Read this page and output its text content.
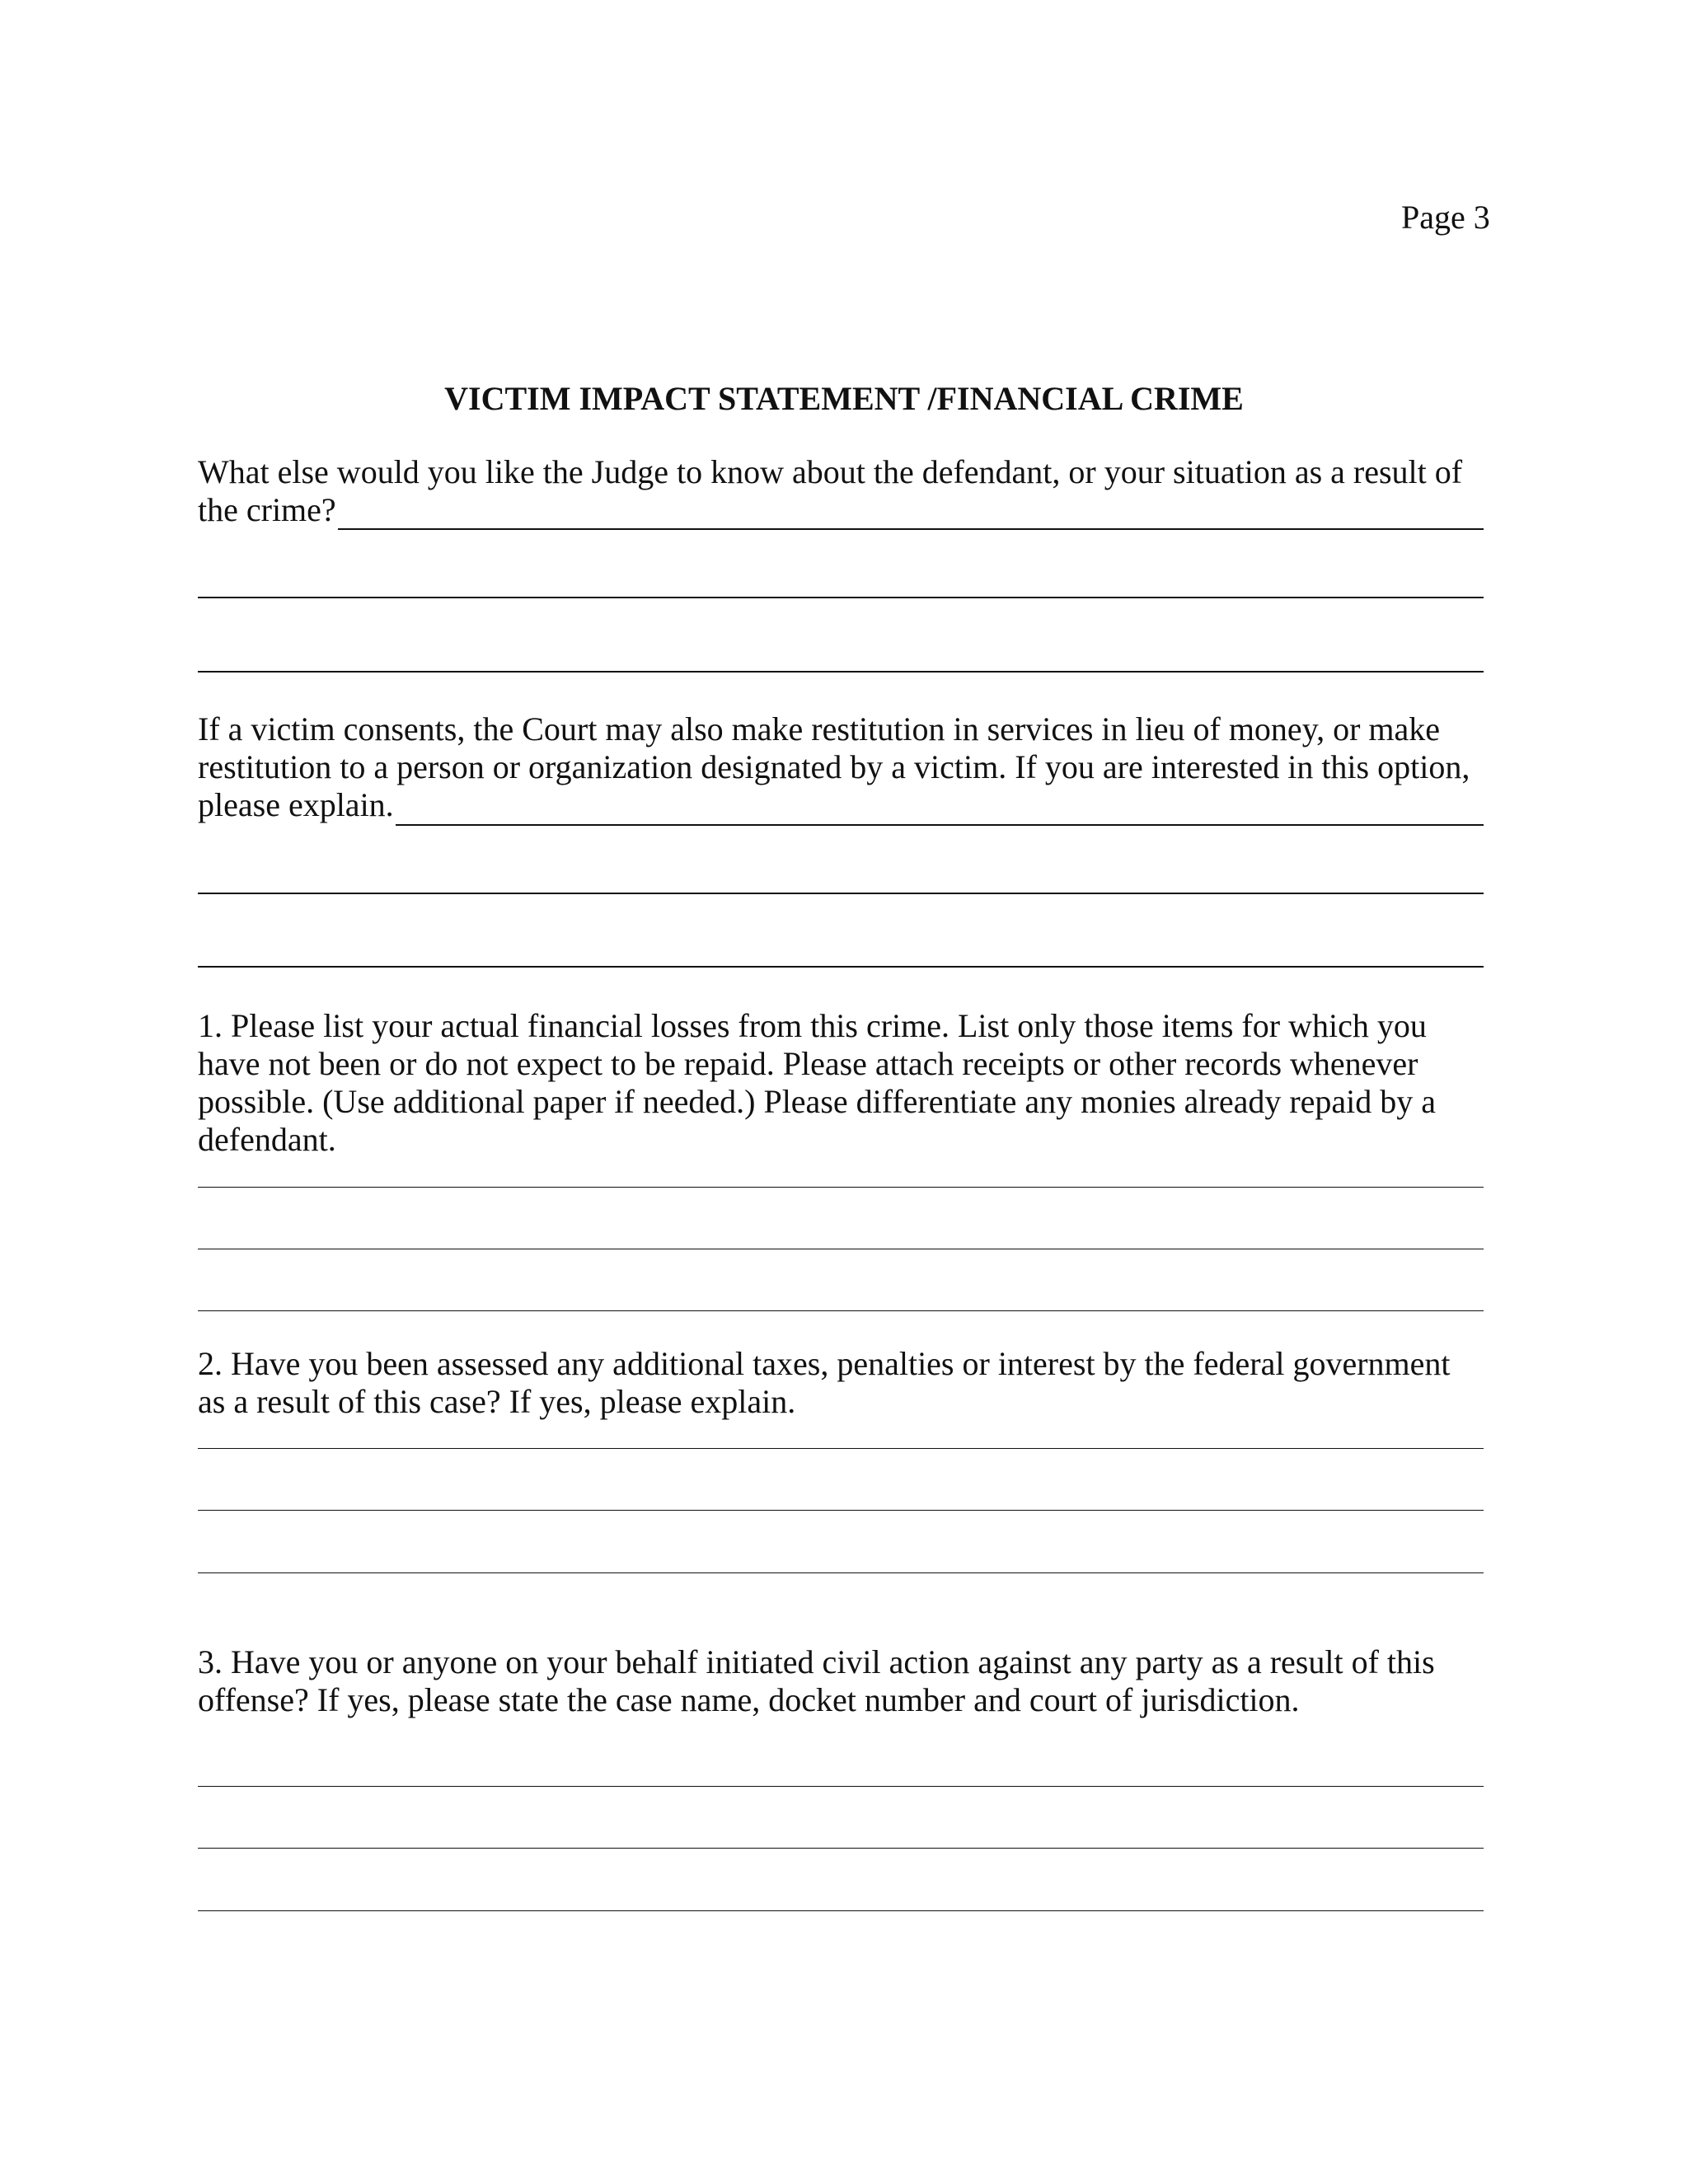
Page 3
VICTIM IMPACT STATEMENT /FINANCIAL CRIME
What else would you like the Judge to know about the defendant, or your situation as a result of the crime?
If a victim consents, the Court may also make restitution in services in lieu of money, or make restitution to a person or organization designated by a victim. If you are interested in this option, please explain.
1. Please list your actual financial losses from this crime. List only those items for which you have not been or do not expect to be repaid. Please attach receipts or other records whenever possible. (Use additional paper if needed.) Please differentiate any monies already repaid by a defendant.
2. Have you been assessed any additional taxes, penalties or interest by the federal government as a result of this case? If yes, please explain.
3. Have you or anyone on your behalf initiated civil action against any party as a result of this offense? If yes, please state the case name, docket number and court of jurisdiction.
